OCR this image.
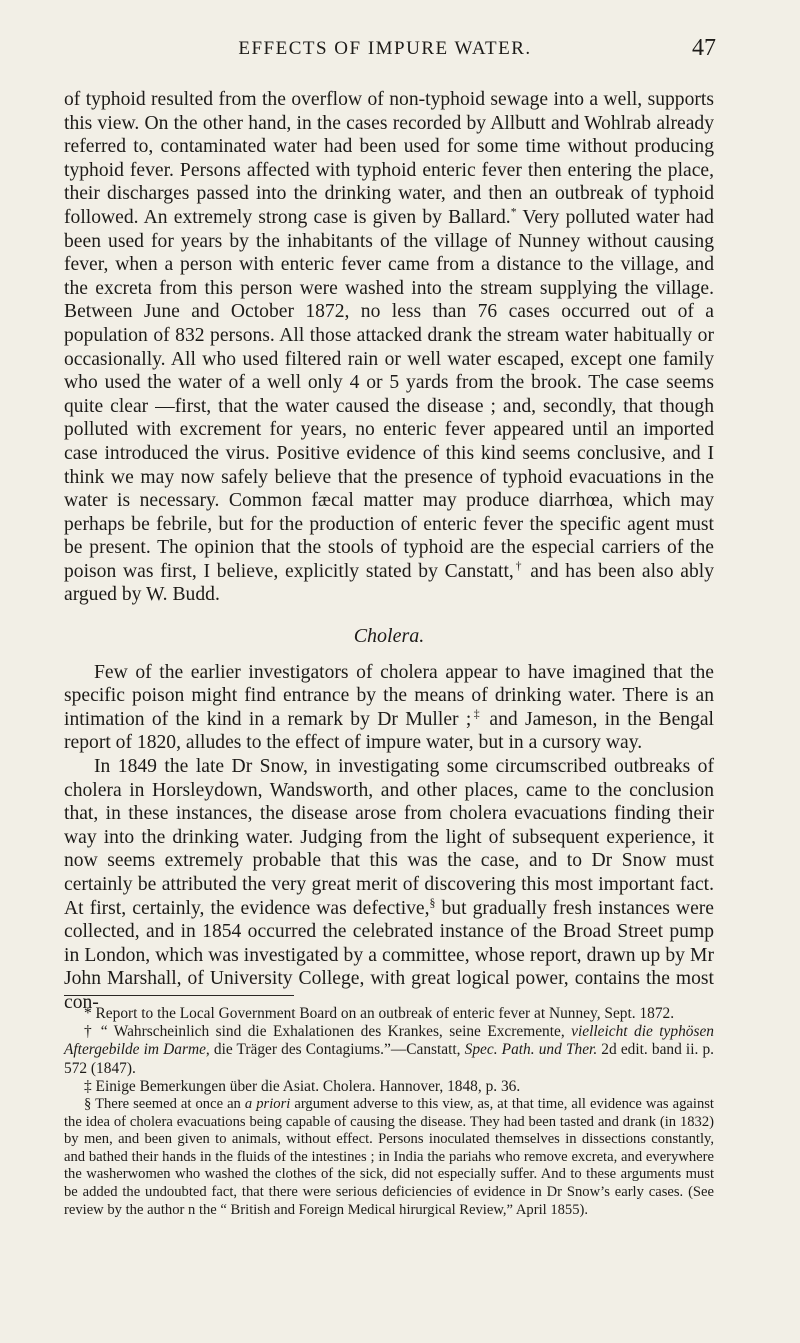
EFFECTS OF IMPURE WATER.	47

of typhoid resulted from the overflow of non-typhoid sewage into a well, supports this view. On the other hand, in the cases recorded by Allbutt and Wohlrab already referred to, contaminated water had been used for some time without producing typhoid fever. Persons affected with typhoid enteric fever then entering the place, their discharges passed into the drinking water, and then an outbreak of typhoid followed. An extremely strong case is given by Ballard.* Very polluted water had been used for years by the inhabitants of the village of Nunney without causing fever, when a person with enteric fever came from a distance to the village, and the excreta from this person were washed into the stream supplying the village. Between June and October 1872, no less than 76 cases occurred out of a population of 832 persons. All those attacked drank the stream water habitually or occasionally. All who used filtered rain or well water escaped, except one family who used the water of a well only 4 or 5 yards from the brook. The case seems quite clear —first, that the water caused the disease ; and, secondly, that though polluted with excrement for years, no enteric fever appeared until an imported case introduced the virus. Positive evidence of this kind seems conclusive, and I think we may now safely believe that the presence of typhoid evacuations in the water is necessary. Common fæcal matter may produce diarrhœa, which may perhaps be febrile, but for the production of enteric fever the specific agent must be present. The opinion that the stools of typhoid are the especial carriers of the poison was first, I believe, explicitly stated by Canstatt,† and has been also ably argued by W. Budd.

Cholera.

Few of the earlier investigators of cholera appear to have imagined that the specific poison might find entrance by the means of drinking water. There is an intimation of the kind in a remark by Dr Muller ;‡ and Jameson, in the Bengal report of 1820, alludes to the effect of impure water, but in a cursory way.

In 1849 the late Dr Snow, in investigating some circumscribed outbreaks of cholera in Horsleydown, Wandsworth, and other places, came to the conclusion that, in these instances, the disease arose from cholera evacuations finding their way into the drinking water. Judging from the light of subsequent experience, it now seems extremely probable that this was the case, and to Dr Snow must certainly be attributed the very great merit of discovering this most important fact. At first, certainly, the evidence was defective,§ but gradually fresh instances were collected, and in 1854 occurred the celebrated instance of the Broad Street pump in London, which was investigated by a committee, whose report, drawn up by Mr John Marshall, of University College, with great logical power, contains the most con-

* Report to the Local Government Board on an outbreak of enteric fever at Nunney, Sept. 1872.

† “ Wahrscheinlich sind die Exhalationen des Krankes, seine Excremente, vielleicht die typhösen Aftergebilde im Darme, die Träger des Contagiums.”—Canstatt, Spec. Path. und Ther. 2d edit. band ii. p. 572 (1847).

‡ Einige Bemerkungen über die Asiat. Cholera. Hannover, 1848, p. 36.

§ There seemed at once an a priori argument adverse to this view, as, at that time, all evidence was against the idea of cholera evacuations being capable of causing the disease. They had been tasted and drank (in 1832) by men, and been given to animals, without effect. Persons inoculated themselves in dissections constantly, and bathed their hands in the fluids of the intestines ; in India the pariahs who remove excreta, and everywhere the washerwomen who washed the clothes of the sick, did not especially suffer. And to these arguments must be added the undoubted fact, that there were serious deficiencies of evidence in Dr Snow’s early cases. (See review by the author n the “ British and Foreign Medical hirurgical Review,” April 1855).
